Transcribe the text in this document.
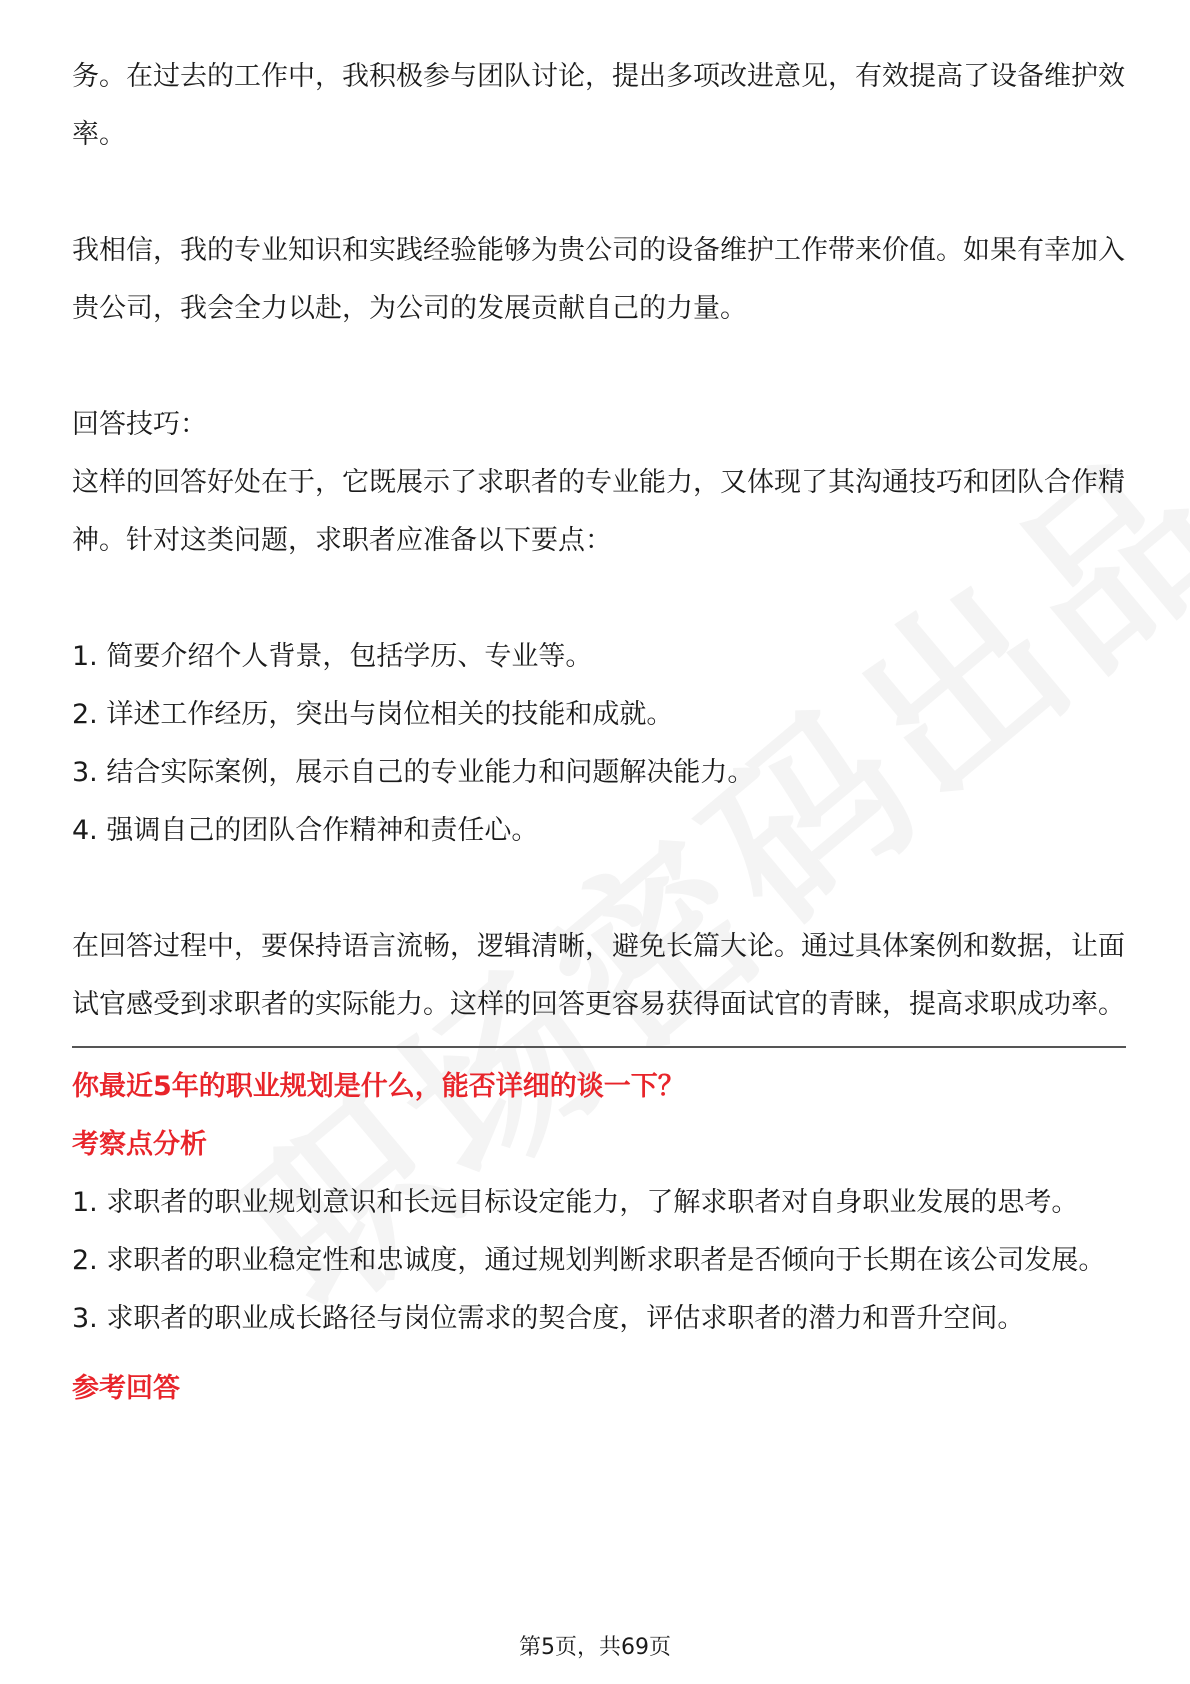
务。在过去的工作中，我积极参与团队讨论，提出多项改进意见，有效提高了设备维护效率。

我相信，我的专业知识和实践经验能够为贵公司的设备维护工作带来价值。如果有幸加入贵公司，我会全力以赴，为公司的发展贡献自己的力量。

回答技巧：

这样的回答好处在于，它既展示了求职者的专业能力，又体现了其沟通技巧和团队合作精神。针对这类问题，求职者应准备以下要点：

1. 简要介绍个人背景，包括学历、专业等。

2. 详述工作经历，突出与岗位相关的技能和成就。

3. 结合实际案例，展示自己的专业能力和问题解决能力。

4. 强调自己的团队合作精神和责任心。

在回答过程中，要保持语言流畅，逻辑清晰，避免长篇大论。通过具体案例和数据，让面试官感受到求职者的实际能力。这样的回答更容易获得面试官的青睐，提高求职成功率。

你最近5年的职业规划是什么，能否详细的谈一下？

考察点分析

1. 求职者的职业规划意识和长远目标设定能力，了解求职者对自身职业发展的思考。

2. 求职者的职业稳定性和忠诚度，通过规划判断求职者是否倾向于长期在该公司发展。

3. 求职者的职业成长路径与岗位需求的契合度，评估求职者的潜力和晋升空间。

参考回答

第5页，共69页
